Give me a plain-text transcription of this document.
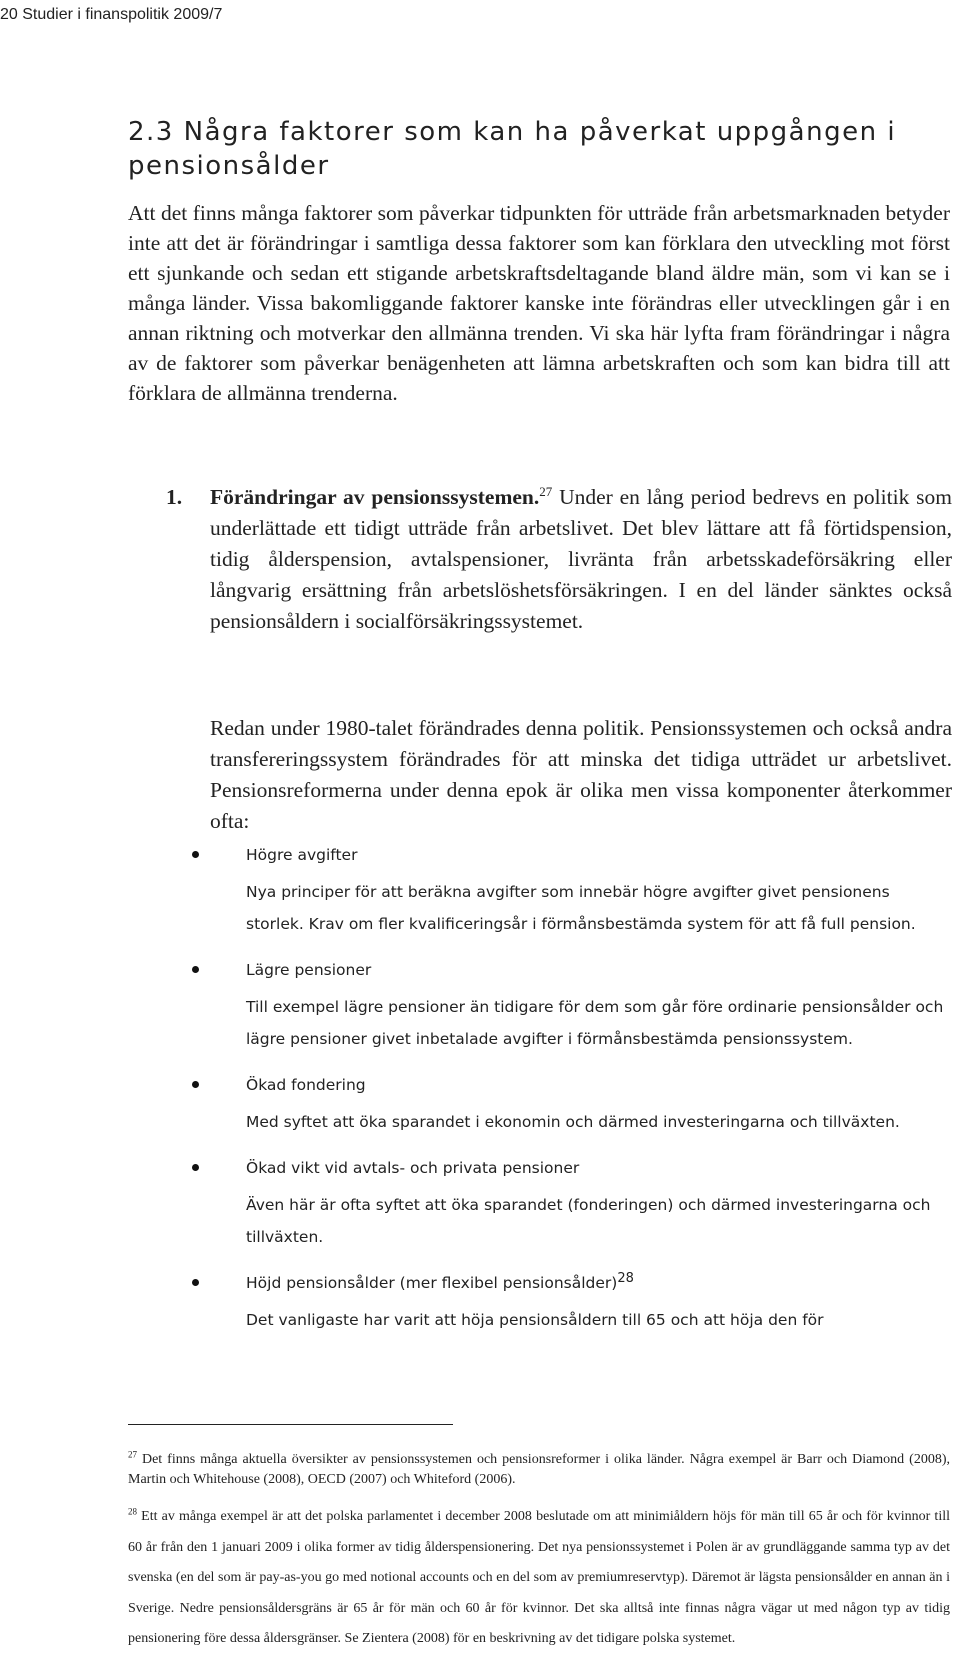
20 Studier i finanspolitik 2009/7
2.3 Några faktorer som kan ha påverkat uppgången i pensionsålder

Att det finns många faktorer som påverkar tidpunkten för utträde från arbetsmarknaden betyder inte att det är förändringar i samtliga dessa faktorer som kan förklara den utveckling mot först ett sjunkande och sedan ett stigande arbetskraftsdeltagande bland äldre män, som vi kan se i många länder. Vissa bakomliggande faktorer kanske inte förändras eller utvecklingen går i en annan riktning och motverkar den allmänna trenden. Vi ska här lyfta fram förändringar i några av de faktorer som påverkar benägenheten att lämna arbetskraften och som kan bidra till att förklara de allmänna trenderna.

1. Förändringar av pensionssystemen.$^{27}$ Under en lång period bedrevs en politik som underlättade ett tidigt utträde från arbetslivet. Det blev lättare att få förtidspension, tidig ålderspension, avtalspensioner, livränta från arbetsskadeförsäkring eller långvarig ersättning från arbetslöshetsförsäkringen. I en del länder sänktes också pensionsåldern i socialförsäkringssystemet.

Redan under 1980-talet förändrades denna politik. Pensionssystemen och också andra transfereringssystem förändrades för att minska det tidiga utträdet ur arbetslivet. Pensionsreformerna under denna epok är olika men vissa komponenter återkommer ofta:

Högre avgifter
Nya principer för att beräkna avgifter som innebär högre avgifter givet pensionens storlek. Krav om fler kvalificeringsår i förmånsbestämda system för att få full pension.
Lägre pensioner
Till exempel lägre pensioner än tidigare för dem som går före ordinarie pensionsålder och lägre pensioner givet inbetalade avgifter i förmånsbestämda pensionssystem.
Ökad fondering
Med syftet att öka sparandet i ekonomin och därmed investeringarna och tillväxten.
Ökad vikt vid avtals- och privata pensioner
Även här är ofta syftet att öka sparandet (fonderingen) och därmed investeringarna och tillväxten.
Höjd pensionsålder (mer flexibel pensionsålder)$^{28}$
Det vanligaste har varit att höja pensionsåldern till 65 och att höja den för

$^{27}$ Det finns många aktuella översikter av pensionssystemen och pensionsreformer i olika länder. Några exempel är Barr och Diamond (2008), Martin och Whitehouse (2008), OECD (2007) och Whiteford (2006).

$^{28}$ Ett av många exempel är att det polska parlamentet i december 2008 beslutade om att minimiåldern höjs för män till 65 år och för kvinnor till 60 år från den 1 januari 2009 i olika former av tidig ålderspensionering. Det nya pensionssystemet i Polen är av grundläggande samma typ av det svenska (en del som är pay-as-you go med notional accounts och en del som av premiumreservtyp). Däremot är lägsta pensionsålder en annan än i Sverige. Nedre pensionsåldersgräns är 65 år för män och 60 år för kvinnor. Det ska alltså inte finnas några vägar ut med någon typ av tidig pensionering före dessa åldersgränser. Se Zientera (2008) för en beskrivning av det tidigare polska systemet.
